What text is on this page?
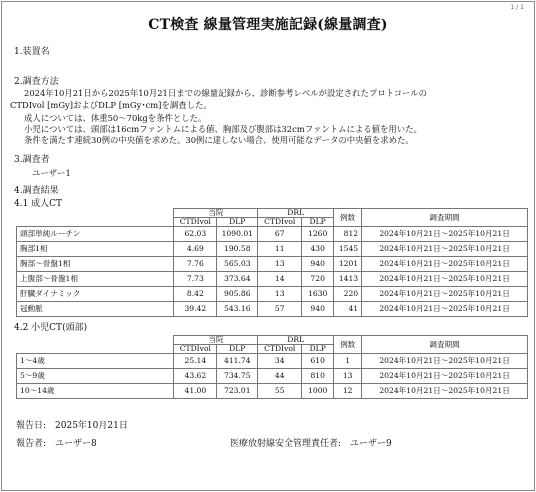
1 / 1
CT検査 線量管理実施記録(線量調査)
1.装置名
2.調査方法
2024年10月21日から2025年10月21日までの線量記録から、診断参考レベルが設定されたプロトコールの
CTDIvol [mGy]およびDLP [mGy･cm]を調査した。
成人については、体重50～70kgを条件とした。
小児については、頭部は16cmファントムによる値、胸部及び腹部は32cmファントムによる値を用いた。
条件を満たす連続30例の中央値を求めた。30例に達しない場合、使用可能なデータの中央値を求めた。
3.調査者
ユーザー1
4.調査結果
4.1 成人CT
	当院		DRL		例数	調査期間
	CTDIvol	DLP	CTDIvol	DLP		
頭部単純ルーチン	62.03	1090.01	67	1260	812	2024年10月21日～2025年10月21日
胸部1相	4.69	190.58	11	430	1545	2024年10月21日～2025年10月21日
胸部～骨盤1相	7.76	565.03	13	940	1201	2024年10月21日～2025年10月21日
上腹部～骨盤1相	7.73	373.64	14	720	1413	2024年10月21日～2025年10月21日
肝臓ダイナミック	8.42	905.86	13	1630	220	2024年10月21日～2025年10月21日
冠動脈	39.42	543.16	57	940	41	2024年10月21日～2025年10月21日
4.2 小児CT(頭部)
	当院		DRL		例数	調査期間
	CTDIvol	DLP	CTDIvol	DLP		
1～4歳	25.14	411.74	34	610	1	2024年10月21日～2025年10月21日
5～9歳	43.62	734.75	44	810	13	2024年10月21日～2025年10月21日
10～14歳	41.00	723.01	55	1000	12	2024年10月21日～2025年10月21日
報告日:　2025年10月21日
報告者:　ユーザー8	医療放射線安全管理責任者:　ユーザー9
